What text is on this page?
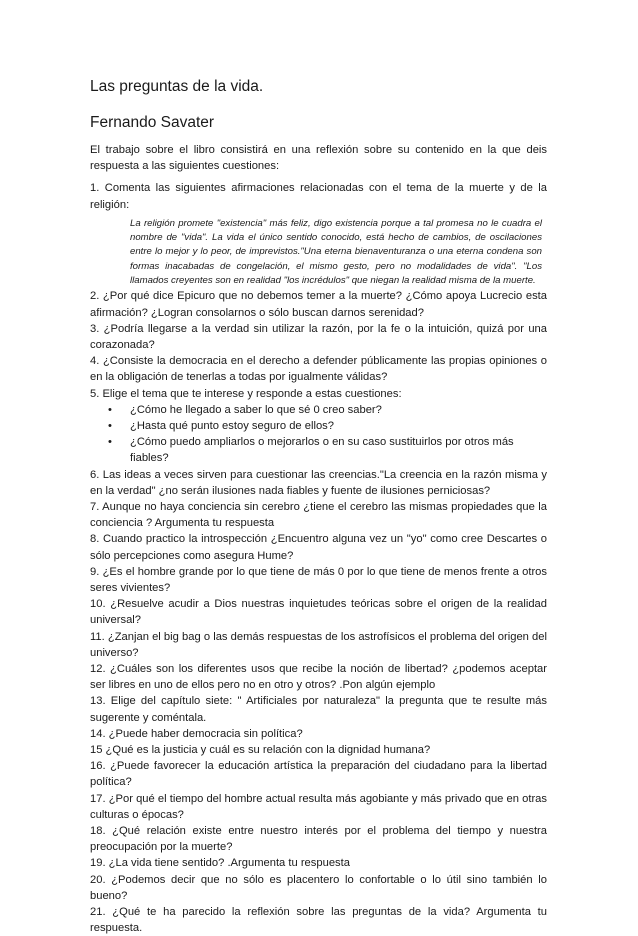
Las preguntas de la vida.
Fernando Savater

El trabajo sobre el libro consistirá en una reflexión sobre su contenido en la que deis respuesta a las siguientes cuestiones:

1. Comenta las siguientes afirmaciones relacionadas con el tema de la muerte y de la religión:

La religión promete "existencia" más feliz, digo existencia porque a tal promesa no le cuadra el nombre de "vida". La vida el único sentido conocido, está hecho de cambios, de oscilaciones entre lo mejor y lo peor, de imprevistos."Una eterna bienaventuranza o una eterna condena son formas inacabadas de congelación, el mismo gesto, pero no modalidades de vida". "Los llamados creyentes son en realidad "los incrédulos" que niegan la realidad misma de la muerte.

2. ¿Por qué dice Epicuro que no debemos temer a la muerte? ¿Cómo apoya Lucrecio esta afirmación? ¿Logran consolarnos o sólo buscan darnos serenidad?

3. ¿Podría llegarse a la verdad sin utilizar la razón, por la fe o la intuición, quizá por una corazonada?

4. ¿Consiste la democracia en el derecho a defender públicamente las propias opiniones o en la obligación de tenerlas a todas por igualmente válidas?

5. Elige el tema que te interese y responde a estas cuestiones:

• ¿Cómo he llegado a saber lo que sé 0 creo saber?
• ¿Hasta qué punto estoy seguro de ellos?
• ¿Cómo puedo ampliarlos o mejorarlos o en su caso sustituirlos por otros más fiables?

6. Las ideas a veces sirven para cuestionar las creencias."La creencia en la razón misma y en la verdad" ¿no serán ilusiones nada fiables y fuente de ilusiones perniciosas?

7. Aunque no haya conciencia sin cerebro ¿tiene el cerebro las mismas propiedades que la conciencia ? Argumenta tu respuesta

8. Cuando practico la introspección ¿Encuentro alguna vez un "yo" como cree Descartes o sólo percepciones como asegura Hume?

9. ¿Es el hombre grande por lo que tiene de más 0 por lo que tiene de menos frente a otros seres vivientes?

10. ¿Resuelve acudir a Dios nuestras inquietudes teóricas sobre el origen de la realidad universal?

11. ¿Zanjan el big bag o las demás respuestas de los astrofísicos el problema del origen del universo?

12. ¿Cuáles son los diferentes usos que recibe la noción de libertad? ¿podemos aceptar ser libres en uno de ellos pero no en otro y otros? .Pon algún ejemplo

13. Elige del capítulo siete: " Artificiales por naturaleza" la pregunta que te resulte más sugerente y coméntala.

14. ¿Puede haber democracia sin política?

15 ¿Qué es la justicia y cuál es su relación con la dignidad humana?

16. ¿Puede favorecer la educación artística la preparación del ciudadano para la libertad política?

17. ¿Por qué el tiempo del hombre actual resulta más agobiante y más privado que en otras culturas o épocas?

18. ¿Qué relación existe entre nuestro interés por el problema del tiempo y nuestra preocupación por la muerte?

19. ¿La vida tiene sentido? .Argumenta tu respuesta

20. ¿Podemos decir que no sólo es placentero lo confortable o lo útil sino también lo bueno?

21. ¿Qué te ha parecido la reflexión sobre las preguntas de la vida? Argumenta tu respuesta.
